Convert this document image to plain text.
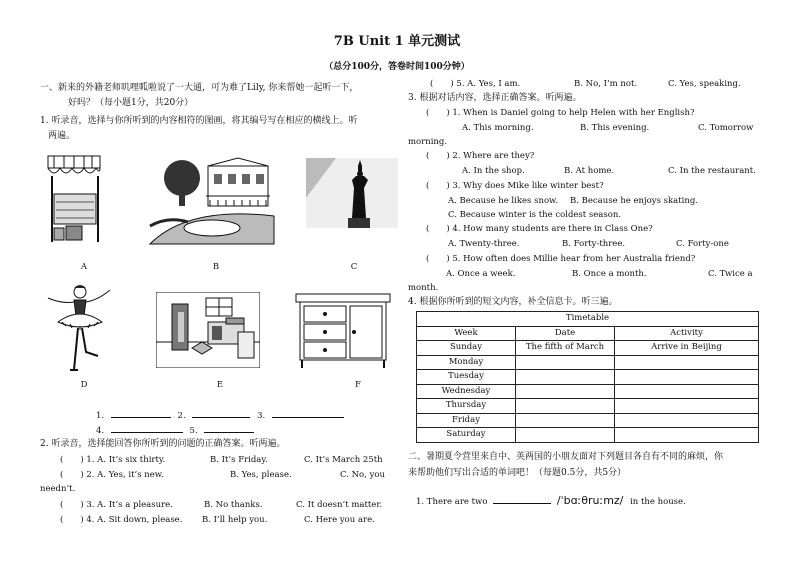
7B Unit 1 单元测试
（总分100分，答卷时间100分钟）
一、新来的外籍老师叽哩呱啦说了一大通，可为难了Lily, 你来帮她一起听一下，
好吗？（每小题1分，共20分）
1. 听录音，选择与你所听到的内容相符的图画，将其编号写在相应的横线上。听
两遍。
A	B	C
D	E	F
1.	2.	3.
4.	5.
2. 听录音，选择能回答你所听到的问题的正确答案。听两遍。
(　　) 1. A. It’s six thirty.	B. It’s Friday.	C. It’s March 25th
(　　) 2. A. Yes, it’s new.	B. Yes, please.	C. No, you
needn’t.
(　　) 3. A. It’s a pleasure.	B. No thanks.	C. It doesn’t matter.
(　　) 4. A. Sit down, please. B. I’ll help you.	C. Here you are.
(　　) 5. A. Yes, I am.	B. No, I’m not.	C. Yes, speaking.
3. 根据对话内容，选择正确答案。听两遍。
(　　) 1. When is Daniel going to help Helen with her English?
A. This morning.	B. This evening.	C. Tomorrow
morning.
(　　) 2. Where are they?
A. In the shop.	B. At home.	C. In the restaurant.
(　　) 3. Why does Mike like winter best?
A. Because he likes snow. B. Because he enjoys skating.
C. Because winter is the coldest season.
(　　) 4. How many students are there in Class One?
A. Twenty-three.	B. Forty-three.	C. Forty-one
(　　) 5. How often does Millie hear from her Australia friend?
A. Once a week.	B. Once a month.	C. Twice a
month.
4. 根据你所听到的短文内容，补全信息卡。听三遍。
Timetable		
Week	Date	Activity
Sunday	The fifth of March	Arrive in Beijing
Monday		
Tuesday		
Wednesday		
Thursday		
Friday		
Saturday		
二、暑期夏令营里来自中、英两国的小朋友面对下列题目各自有不同的麻烦，你
来帮助他们写出合适的单词吧！（每题0.5分，共5分）
1. There are two	/ˈbɑːθruːmz/ in the house.
